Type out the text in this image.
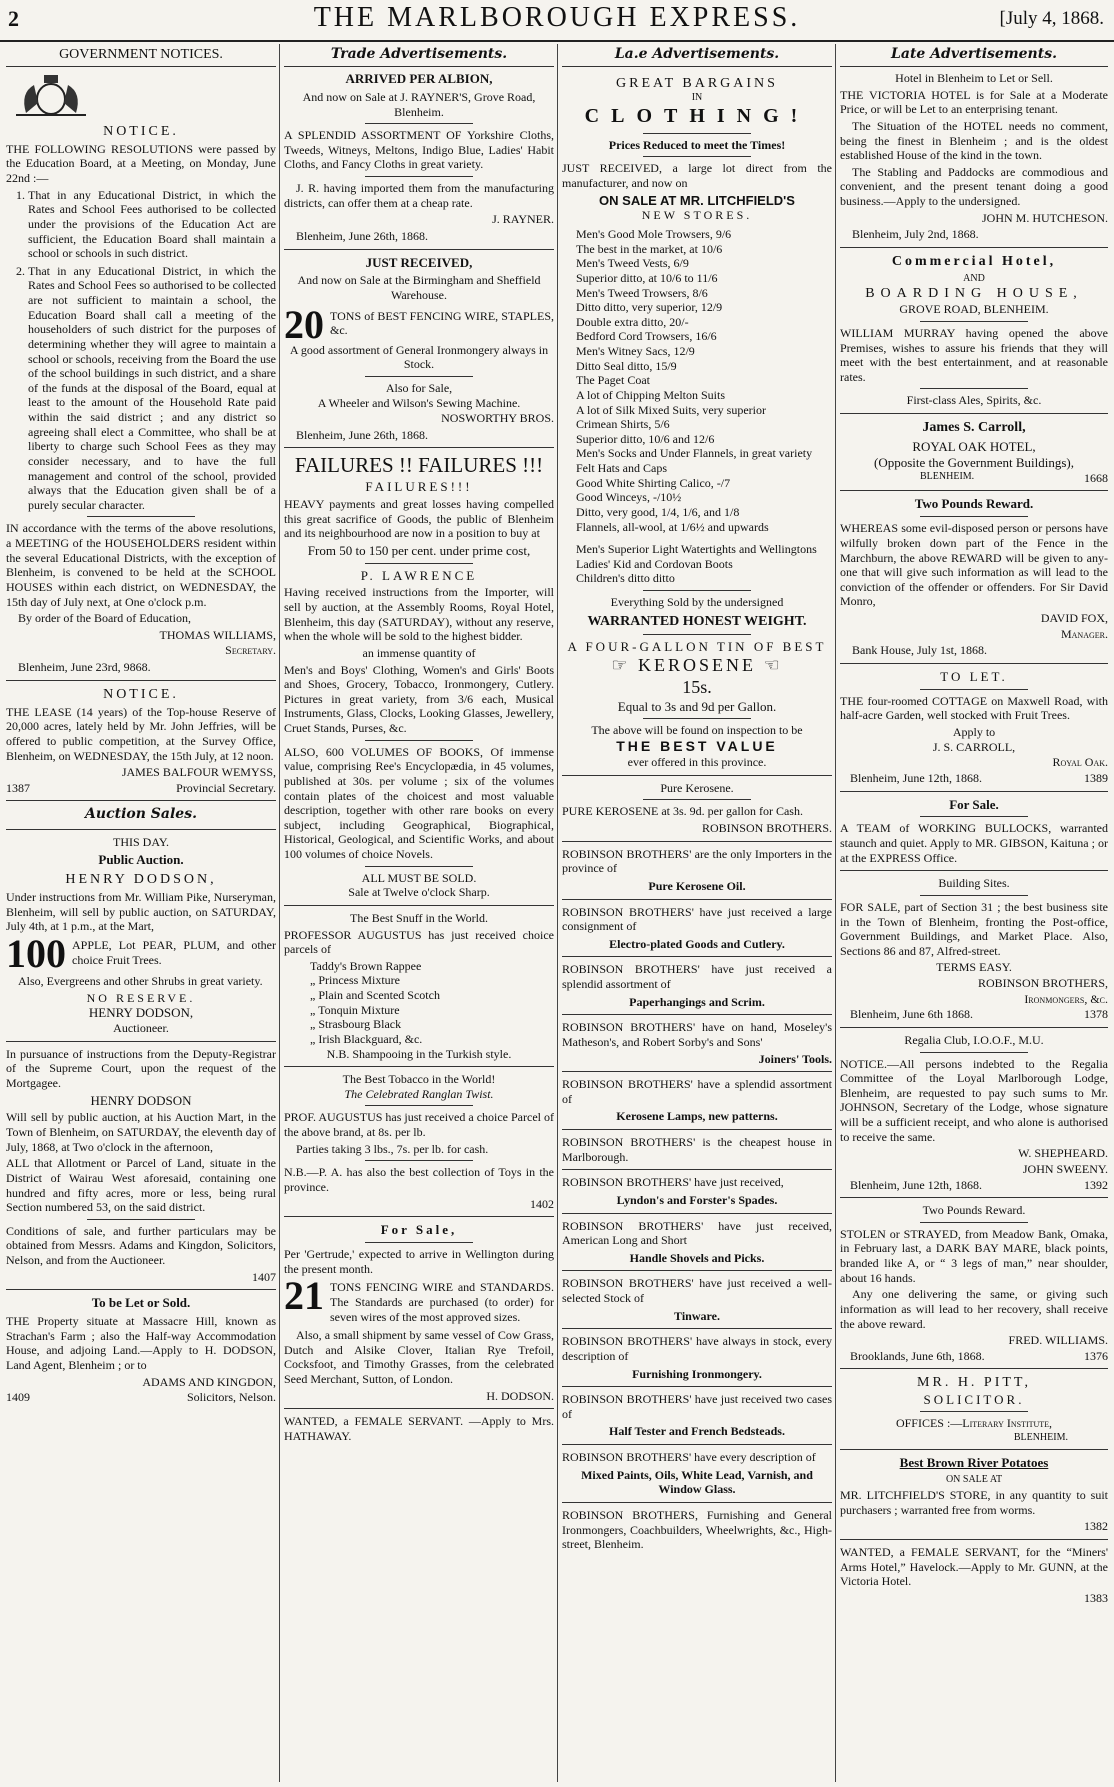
2	THE MARLBOROUGH EXPRESS.	[July 4, 1868.
GOVERNMENT NOTICES.
NOTICE.

THE FOLLOWING RESOLUTIONS were passed by the Education Board, at a Meeting, on Monday, June 22nd :—

1. That in any Educational District, in which the Rates and School Fees authorised to be collected under the provisions of the Education Act are sufficient, the Education Board shall maintain a school or schools in such district.
2. That in any Educational District, in which the Rates and School Fees so authorised to be collected are not sufficient to maintain a school, the Education Board shall call a meeting of the householders of such district for the purposes of determining whether they will agree to maintain a school or schools, receiving from the Board the use of the school buildings in such district, and a share of the funds at the disposal of the Board, equal at least to the amount of the Household Rate paid within the said district ; and any district so agreeing shall elect a Committee, who shall be at liberty to charge such School Fees as they may consider necessary, and to have the full management and control of the school, provided always that the Education given shall be of a purely secular character.

IN accordance with the terms of the above resolutions, a MEETING of the HOUSEHOLDERS resident within the several Educational Districts, with the exception of Blenheim, is convened to be held at the SCHOOL HOUSES within each district, on WEDNESDAY, the 15th day of July next, at One o'clock p.m.

By order of the Board of Education,

THOMAS WILLIAMS,
Secretary.

Blenheim, June 23rd, 9868.

NOTICE.

THE LEASE (14 years) of the Top-house Reserve of 20,000 acres, lately held by Mr. John Jeffries, will be offered to public competition, at the Survey Office, Blenheim, on WEDNESDAY, the 15th July, at 12 noon.

JAMES BALFOUR WEMYSS,
1387	Provincial Secretary.
Auction Sales.
THIS DAY.
Public Auction.
HENRY DODSON,

Under instructions from Mr. William Pike, Nurseryman, Blenheim, will sell by public auction, on SATURDAY, July 4th, at 1 p.m., at the Mart,

100 APPLE, Lot PEAR, PLUM, and other choice Fruit Trees.

Also, Evergreens and other Shrubs in great variety.

NO RESERVE.
HENRY DODSON,
Auctioneer.

In pursuance of instructions from the Deputy-Registrar of the Supreme Court, upon the request of the Mortgagee.

HENRY DODSON

Will sell by public auction, at his Auction Mart, in the Town of Blenheim, on SATURDAY, the eleventh day of July, 1868, at Two o'clock in the afternoon,

ALL that Allotment or Parcel of Land, situate in the District of Wairau West aforesaid, containing one hundred and fifty acres, more or less, being rural Section numbered 53, on the said district.

Conditions of sale, and further particulars may be obtained from Messrs. Adams and Kingdon, Solicitors, Nelson, and from the Auctioneer.

1407
To be Let or Sold.

THE Property situate at Massacre Hill, known as Strachan's Farm ; also the Half-way Accommodation House, and adjoing Land.—Apply to H. DODSON, Land Agent, Blenheim ; or to

ADAMS AND KINGDON,
1409	Solicitors, Nelson.
Trade Advertisements.
ARRIVED PER ALBION,
And now on Sale at J. RAYNER'S, Grove Road, Blenheim.

A SPLENDID ASSORTMENT OF Yorkshire Cloths, Tweeds, Witneys, Meltons, Indigo Blue, Ladies' Habit Cloths, and Fancy Cloths in great variety.

J. R. having imported them from the manufacturing districts, can offer them at a cheap rate.

J. RAYNER.

Blenheim, June 26th, 1868.

JUST RECEIVED,
And now on Sale at the Birmingham and Sheffield Warehouse.
20 TONS of BEST FENCING WIRE, STAPLES, &c.

A good assortment of General Ironmongery always in Stock.
Also for Sale,
A Wheeler and Wilson's Sewing Machine.
NOSWORTHY BROS.

Blenheim, June 26th, 1868.

FAILURES !! FAILURES !!!
FAILURES!!!

HEAVY payments and great losses having compelled this great sacrifice of Goods, the public of Blenheim and its neighbourhood are now in a position to buy at

From 50 to 150 per cent. under prime cost,
P. LAWRENCE

Having received instructions from the Importer, will sell by auction, at the Assembly Rooms, Royal Hotel, Blenheim, this day (SATURDAY), without any reserve, when the whole will be sold to the highest bidder.

an immense quantity of

Men's and Boys' Clothing, Women's and Girls' Boots and Shoes, Grocery, Tobacco, Ironmongery, Cutlery. Pictures in great variety, from 3/6 each, Musical Instruments, Glass, Clocks, Looking Glasses, Jewellery, Cruet Stands, Purses, &c.

ALSO, 600 VOLUMES OF BOOKS, Of immense value, comprising Ree's Encyclopædia, in 45 volumes, published at 30s. per volume ; six of the volumes contain plates of the choicest and most valuable description, together with other rare books on every subject, including Geographical, Biographical, Historical, Geological, and Scientific Works, and about 100 volumes of choice Novels.

ALL MUST BE SOLD.
Sale at Twelve o'clock Sharp.
The Best Snuff in the World.

PROFESSOR AUGUSTUS has just received choice parcels of

Taddy's Brown Rappee
„ Princess Mixture
„ Plain and Scented Scotch
„ Tonquin Mixture
„ Strasbourg Black
„ Irish Blackguard, &c.
N.B. Shampooing in the Turkish style.
The Best Tobacco in the World!
The Celebrated Ranglan Twist.

PROF. AUGUSTUS has just received a choice Parcel of the above brand, at 8s. per lb.

Parties taking 3 lbs., 7s. per lb. for cash.

N.B.—P. A. has also the best collection of Toys in the province.

1402
For Sale,

Per 'Gertrude,' expected to arrive in Wellington during the present month.

21 TONS FENCING WIRE and STANDARDS. The Standards are purchased (to order) for seven wires of the most approved sizes.

Also, a small shipment by same vessel of Cow Grass, Dutch and Alsike Clover, Italian Rye Trefoil, Cocksfoot, and Timothy Grasses, from the celebrated Seed Merchant, Sutton, of London.

H. DODSON.

WANTED, a FEMALE SERVANT. —Apply to Mrs. HATHAWAY.

La.e Advertisements.
GREAT BARGAINS
IN
CLOTHING!
Prices Reduced to meet the Times!

JUST RECEIVED, a large lot direct from the manufacturer, and now on

ON SALE AT MR. LITCHFIELD'S
NEW STORES.
Men's Good Mole Trowsers, 9/6
The best in the market, at 10/6
Men's Tweed Vests, 6/9
Superior ditto, at 10/6 to 11/6
Men's Tweed Trowsers, 8/6
Ditto ditto, very superior, 12/9
Double extra ditto, 20/-
Bedford Cord Trowsers, 16/6
Men's Witney Sacs, 12/9
Ditto Seal ditto, 15/9
The Paget Coat
A lot of Chipping Melton Suits
A lot of Silk Mixed Suits, very superior
Crimean Shirts, 5/6
Superior ditto, 10/6 and 12/6
Men's Socks and Under Flannels, in great variety
Felt Hats and Caps
Good White Shirting Calico, -/7
Good Winceys, -/10½
Ditto, very good, 1/4, 1/6, and 1/8
Flannels, all-wool, at 1/6½ and upwards
Men's Superior Light Watertights and Wellingtons
Ladies' Kid and Cordovan Boots
Children's ditto ditto
Everything Sold by the undersigned
WARRANTED HONEST WEIGHT.
A FOUR-GALLON TIN OF BEST
☞ KEROSENE ☜
15s.
Equal to 3s and 9d per Gallon.
The above will be found on inspection to be
THE BEST VALUE
ever offered in this province.
Pure Kerosene.

PURE KEROSENE at 3s. 9d. per gallon for Cash.

ROBINSON BROTHERS.

ROBINSON BROTHERS' are the only Importers in the province of

Pure Kerosene Oil.

ROBINSON BROTHERS' have just received a large consignment of

Electro-plated Goods and Cutlery.

ROBINSON BROTHERS' have just received a splendid assortment of

Paperhangings and Scrim.

ROBINSON BROTHERS' have on hand, Moseley's Matheson's, and Robert Sorby's and Sons'

Joiners' Tools.

ROBINSON BROTHERS' have a splendid assortment of

Kerosene Lamps, new patterns.

ROBINSON BROTHERS' is the cheapest house in Marlborough.

ROBINSON BROTHERS' have just received,

Lyndon's and Forster's Spades.

ROBINSON BROTHERS' have just received, American Long and Short

Handle Shovels and Picks.

ROBINSON BROTHERS' have just received a well-selected Stock of

Tinware.

ROBINSON BROTHERS' have always in stock, every description of

Furnishing Ironmongery.

ROBINSON BROTHERS' have just received two cases of

Half Tester and French Bedsteads.

ROBINSON BROTHERS' have every description of

Mixed Paints, Oils, White Lead, Varnish, and Window Glass.

ROBINSON BROTHERS, Furnishing and General Ironmongers, Coachbuilders, Wheelwrights, &c., High-street, Blenheim.

Late Advertisements.
Hotel in Blenheim to Let or Sell.

THE VICTORIA HOTEL is for Sale at a Moderate Price, or will be Let to an enterprising tenant.

The Situation of the HOTEL needs no comment, being the finest in Blenheim ; and is the oldest established House of the kind in the town.

The Stabling and Paddocks are commodious and convenient, and the present tenant doing a good business.—Apply to the undersigned.

JOHN M. HUTCHESON.

Blenheim, July 2nd, 1868.

Commercial Hotel,
AND
BOARDING HOUSE,
GROVE ROAD, BLENHEIM.

WILLIAM MURRAY having opened the above Premises, wishes to assure his friends that they will meet with the best entertainment, and at reasonable rates.

First-class Ales, Spirits, &c.
James S. Carroll,
ROYAL OAK HOTEL,
(Opposite the Government Buildings),
BLENHEIM.	1668
Two Pounds Reward.

WHEREAS some evil-disposed person or persons have wilfully broken down part of the Fence in the Marchburn, the above REWARD will be given to any-one that will give such information as will lead to the conviction of the offender or offenders. For Sir David Monro,

DAVID FOX,
Manager.

Bank House, July 1st, 1868.

TO LET.

THE four-roomed COTTAGE on Maxwell Road, with half-acre Garden, well stocked with Fruit Trees.

Apply to
J. S. CARROLL,
Royal Oak.
Blenheim, June 12th, 1868.	1389
For Sale.

A TEAM of WORKING BULLOCKS, warranted staunch and quiet. Apply to MR. GIBSON, Kaituna ; or at the EXPRESS Office.

Building Sites.

FOR SALE, part of Section 31 ; the best business site in the Town of Blenheim, fronting the Post-office, Government Buildings, and Market Place. Also, Sections 86 and 87, Alfred-street.

TERMS EASY.
ROBINSON BROTHERS,
Ironmongers, &c.
Blenheim, June 6th 1868.	1378
Regalia Club, I.O.O.F., M.U.

NOTICE.—All persons indebted to the Regalia Committee of the Loyal Marlborough Lodge, Blenheim, are requested to pay such sums to Mr. JOHNSON, Secretary of the Lodge, whose signature will be a sufficient receipt, and who alone is authorised to receive the same.

W. SHEPHEARD.
JOHN SWEENY.
Blenheim, June 12th, 1868.	1392
Two Pounds Reward.

STOLEN or STRAYED, from Meadow Bank, Omaka, in February last, a DARK BAY MARE, black points, branded like A, or “ 3 legs of man,” near shoulder, about 16 hands.

Any one delivering the same, or giving such information as will lead to her recovery, shall receive the above reward.

FRED. WILLIAMS.
Brooklands, June 6th, 1868.	1376
MR. H. PITT,
SOLICITOR.
OFFICES :—Literary Institute,
BLENHEIM.
Best Brown River Potatoes
ON SALE AT

MR. LITCHFIELD'S STORE, in any quantity to suit purchasers ; warranted free from worms.

1382

WANTED, a FEMALE SERVANT, for the “Miners' Arms Hotel,” Havelock.—Apply to Mr. GUNN, at the Victoria Hotel.

1383
